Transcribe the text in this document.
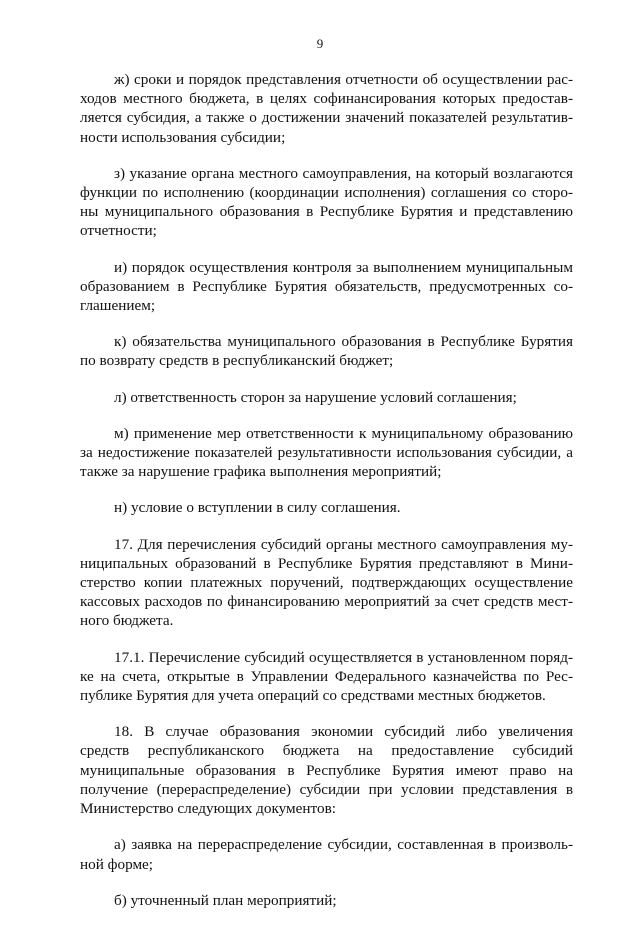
9

ж) сроки и порядок представления отчетности об осуществлении расходов местного бюджета, в целях софинансирования которых предоставляется субсидия, а также о достижении значений показателей результативности использования субсидии;

з) указание органа местного самоуправления, на который возлагаются функции по исполнению (координации исполнения) соглашения со стороны муниципального образования в Республике Бурятия и представлению отчетности;

и) порядок осуществления контроля за выполнением муниципальным образованием в Республике Бурятия обязательств, предусмотренных соглашением;

к) обязательства муниципального образования в Республике Бурятия по возврату средств в республиканский бюджет;

л) ответственность сторон за нарушение условий соглашения;

м) применение мер ответственности к муниципальному образованию за недостижение показателей результативности использования субсидии, а также за нарушение графика выполнения мероприятий;

н) условие о вступлении в силу соглашения.

17. Для перечисления субсидий органы местного самоуправления муниципальных образований в Республике Бурятия представляют в Министерство копии платежных поручений, подтверждающих осуществление кассовых расходов по финансированию мероприятий за счет средств местного бюджета.

17.1. Перечисление субсидий осуществляется в установленном порядке на счета, открытые в Управлении Федерального казначейства по Республике Бурятия для учета операций со средствами местных бюджетов.

18. В случае образования экономии субсидий либо увеличения средств республиканского бюджета на предоставление субсидий муниципальные образования в Республике Бурятия имеют право на получение (перераспределение) субсидии при условии представления в Министерство следующих документов:

а) заявка на перераспределение субсидии, составленная в произвольной форме;

б) уточненный план мероприятий;
